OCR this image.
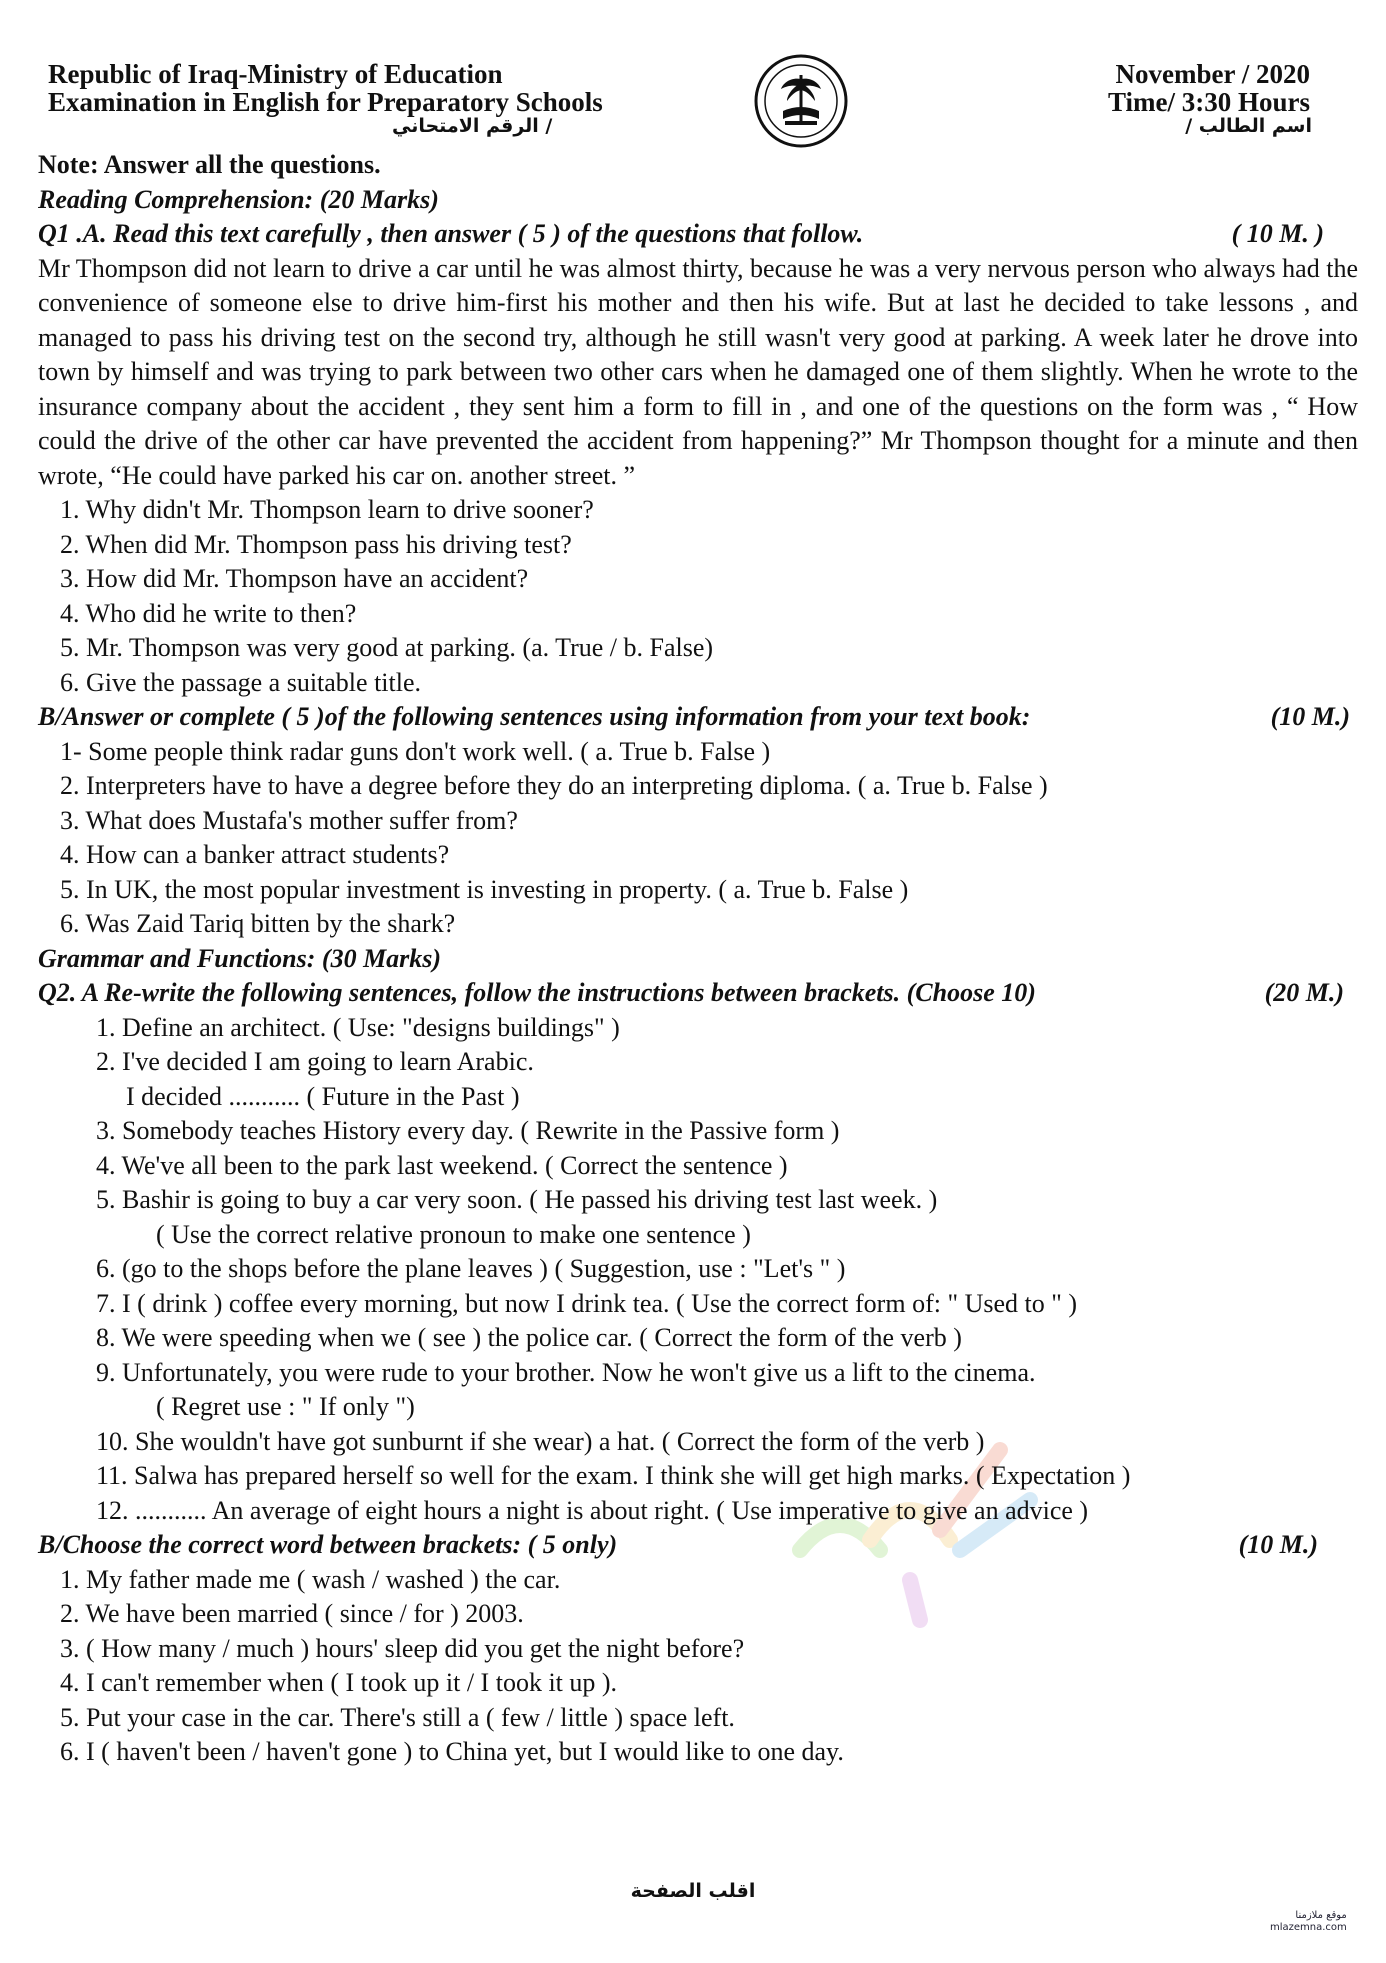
Republic of Iraq-Ministry of Education
Examination in English for Preparatory Schools
الرقم الامتحاني /
November / 2020
Time/ 3:30 Hours
اسم الطالب /
Note: Answer all the questions.
Reading Comprehension: (20 Marks)
Q1 .A. Read this text carefully , then answer ( 5 ) of the questions that follow.	( 10 M. )

Mr Thompson did not learn to drive a car until he was almost thirty, because he was a very nervous person who always had the convenience of someone else to drive him-first his mother and then his wife. But at last he decided to take lessons , and managed to pass his driving test on the second try, although he still wasn't very good at parking. A week later he drove into town by himself and was trying to park between two other cars when he damaged one of them slightly. When he wrote to the insurance company about the accident , they sent him a form to fill in , and one of the questions on the form was , “ How could the drive of the other car have prevented the accident from happening?” Mr Thompson thought for a minute and then wrote, “He could have parked his car on. another street. ”

1. Why didn't Mr. Thompson learn to drive sooner?
2. When did Mr. Thompson pass his driving test?
3. How did Mr. Thompson have an accident?
4. Who did he write to then?
5. Mr. Thompson was very good at parking. (a. True / b. False)
6. Give the passage a suitable title.
B/Answer or complete ( 5 )of the following sentences using information from your text book:	(10 M.)
1- Some people think radar guns don't work well. ( a. True b. False )
2. Interpreters have to have a degree before they do an interpreting diploma. ( a. True b. False )
3. What does Mustafa's mother suffer from?
4. How can a banker attract students?
5. In UK, the most popular investment is investing in property. ( a. True b. False )
6. Was Zaid Tariq bitten by the shark?
Grammar and Functions: (30 Marks)
Q2. A Re-write the following sentences, follow the instructions between brackets. (Choose 10)	(20 M.)
1. Define an architect. ( Use: "designs buildings" )
2. I've decided I am going to learn Arabic.
I decided ........... ( Future in the Past )
3. Somebody teaches History every day. ( Rewrite in the Passive form )
4. We've all been to the park last weekend. ( Correct the sentence )
5. Bashir is going to buy a car very soon. ( He passed his driving test last week. )
( Use the correct relative pronoun to make one sentence )
6. (go to the shops before the plane leaves ) ( Suggestion, use : "Let's " )
7. I ( drink ) coffee every morning, but now I drink tea. ( Use the correct form of: " Used to " )
8. We were speeding when we ( see ) the police car. ( Correct the form of the verb )
9. Unfortunately, you were rude to your brother. Now he won't give us a lift to the cinema.
( Regret use : " If only ")
10. She wouldn't have got sunburnt if she wear) a hat. ( Correct the form of the verb )
11. Salwa has prepared herself so well for the exam. I think she will get high marks. ( Expectation )
12. ........... An average of eight hours a night is about right. ( Use imperative to give an advice )
B/Choose the correct word between brackets: ( 5 only)	(10 M.)
1. My father made me ( wash / washed ) the car.
2. We have been married ( since / for ) 2003.
3. ( How many / much ) hours' sleep did you get the night before?
4. I can't remember when ( I took up it / I took it up ).
5. Put your case in the car. There's still a ( few / little ) space left.
6. I ( haven't been / haven't gone ) to China yet, but I would like to one day.
اقلب الصفحة
موقع ملازمنا
mlazemna.com
